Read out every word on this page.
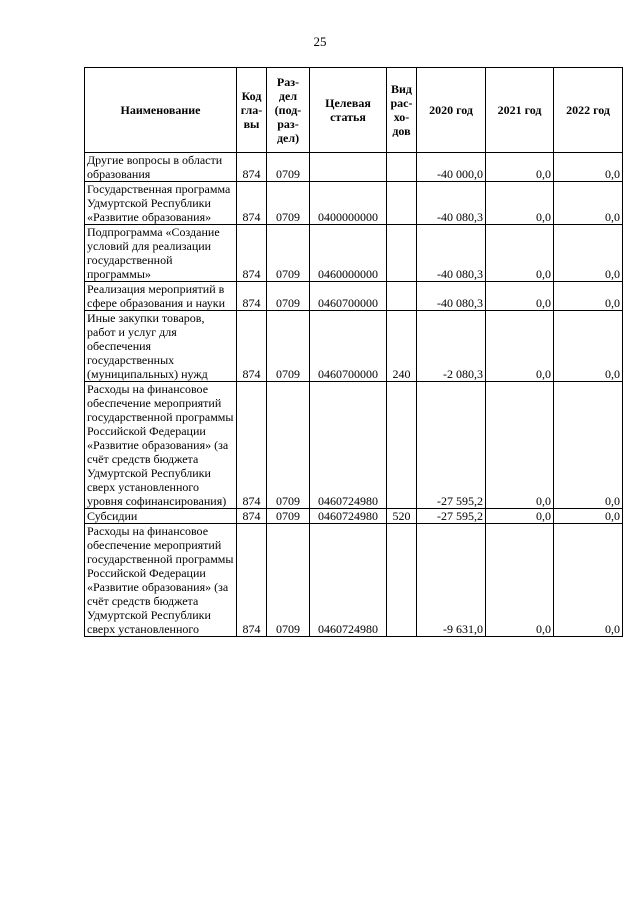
25
Наименование	Код гла-вы	Раз-дел (под-раз-дел)	Целевая статья	Вид рас-хо-дов	2020 год	2021 год	2022 год
Другие вопросы в области образования	874	0709			-40 000,0	0,0	0,0
Государственная программа Удмуртской Республики «Развитие образования»	874	0709	0400000000		-40 080,3	0,0	0,0
Подпрограмма «Создание условий для реализации государственной программы»	874	0709	0460000000		-40 080,3	0,0	0,0
Реализация мероприятий в сфере образования и науки	874	0709	0460700000		-40 080,3	0,0	0,0
Иные закупки товаров, работ и услуг для обеспечения государственных (муниципальных) нужд	874	0709	0460700000	240	-2 080,3	0,0	0,0
Расходы на финансовое обеспечение мероприятий государственной программы Российской Федерации «Развитие образования» (за счёт средств бюджета Удмуртской Республики сверх установленного уровня софинансирования)	874	0709	0460724980		-27 595,2	0,0	0,0
Субсидии	874	0709	0460724980	520	-27 595,2	0,0	0,0
Расходы на финансовое обеспечение мероприятий государственной программы Российской Федерации «Развитие образования» (за счёт средств бюджета Удмуртской Республики сверх установленного	874	0709	0460724980		-9 631,0	0,0	0,0
